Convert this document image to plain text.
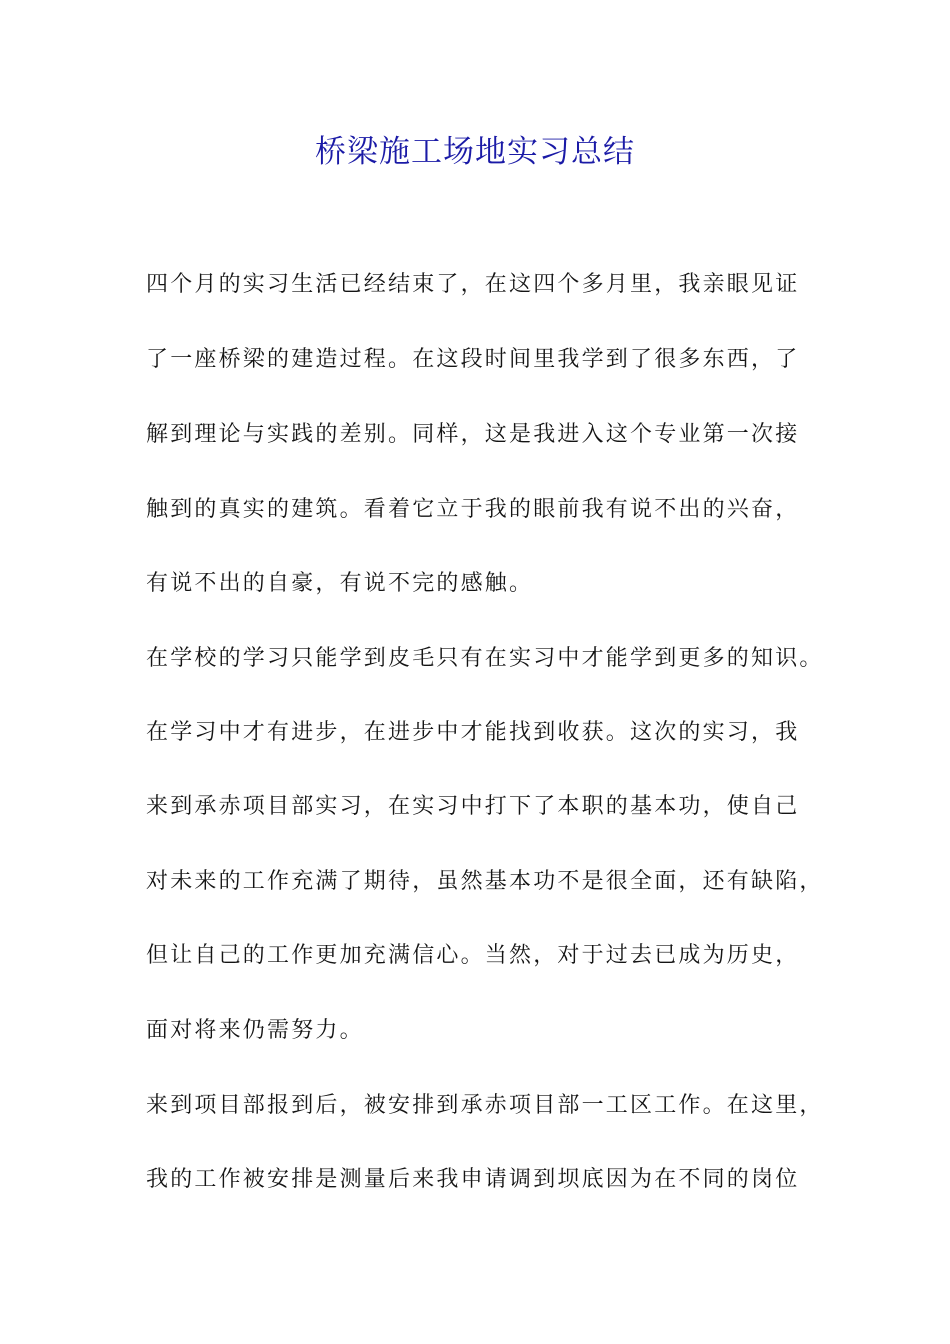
桥梁施工场地实习总结
四个月的实习生活已经结束了，在这四个多月里，我亲眼见证
了一座桥梁的建造过程。在这段时间里我学到了很多东西，了
解到理论与实践的差别。同样，这是我进入这个专业第一次接
触到的真实的建筑。看着它立于我的眼前我有说不出的兴奋，
有说不出的自豪，有说不完的感触。
在学校的学习只能学到皮毛只有在实习中才能学到更多的知识。
在学习中才有进步，在进步中才能找到收获。这次的实习，我
来到承赤项目部实习，在实习中打下了本职的基本功，使自己
对未来的工作充满了期待，虽然基本功不是很全面，还有缺陷，
但让自己的工作更加充满信心。当然，对于过去已成为历史，
面对将来仍需努力。
来到项目部报到后，被安排到承赤项目部一工区工作。在这里，
我的工作被安排是测量后来我申请调到坝底因为在不同的岗位
